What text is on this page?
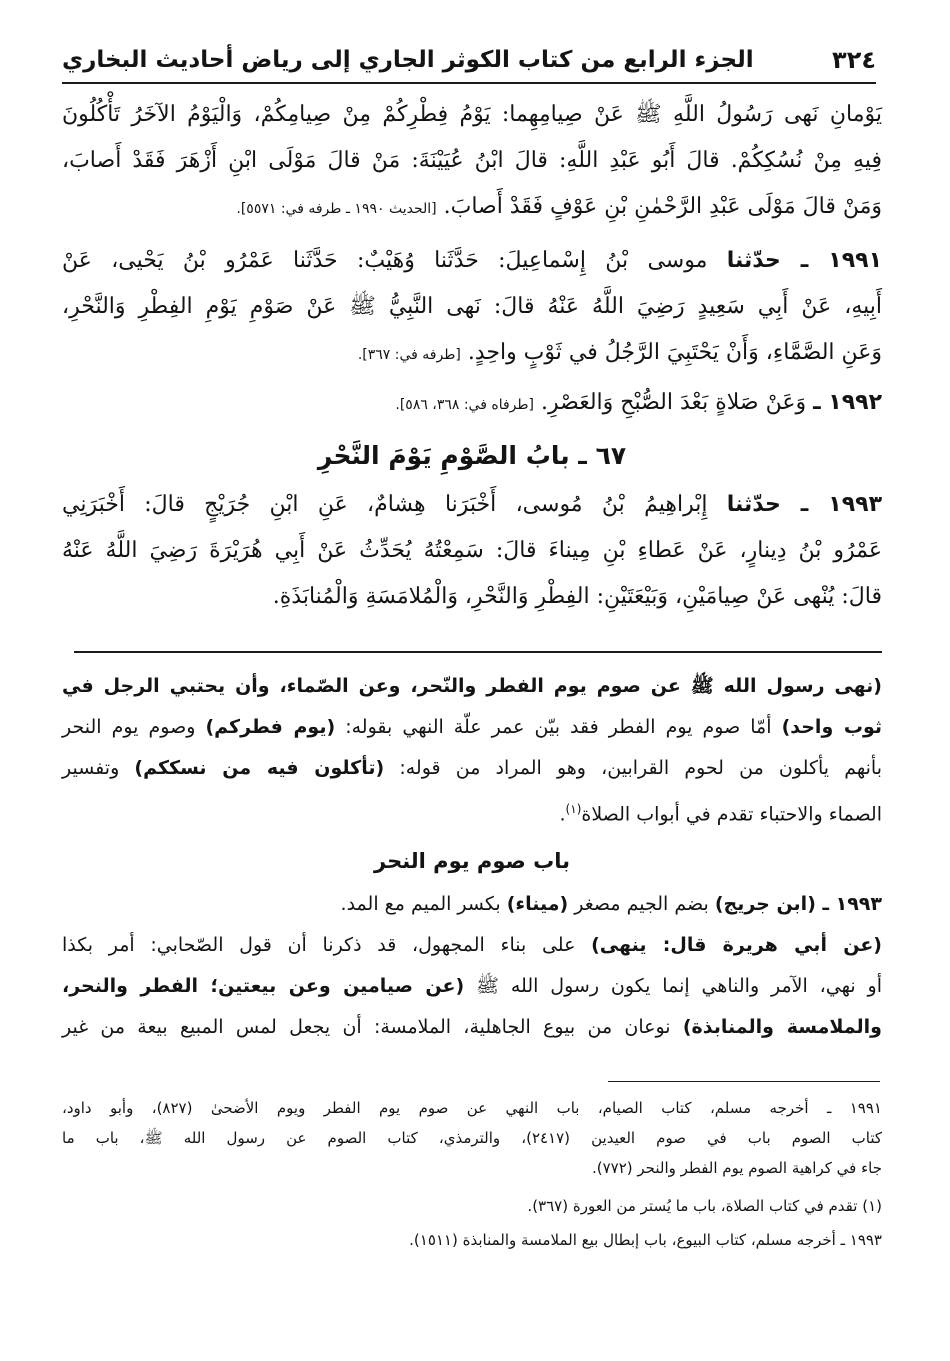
٣٢٤
الجزء الرابع من كتاب الكوثر الجاري إلى رياض أحاديث البخاري
يَوْمانِ نَهى رَسُولُ اللَّهِ ﷺ عَنْ صِيامِهِما: يَوْمُ فِطْرِكُمْ مِنْ صِيامِكُمْ، وَالْيَوْمُ الآخَرُ تَأْكُلُونَ
فِيهِ مِنْ نُسُكِكُمْ. قالَ أَبُو عَبْدِ اللَّهِ: قالَ ابْنُ عُيَيْنَةَ: مَنْ قالَ مَوْلَى ابْنِ أَزْهَرَ فَقَدْ أَصابَ،
وَمَنْ قالَ مَوْلَى عَبْدِ الرَّحْمٰنِ بْنِ عَوْفٍ فَقَدْ أَصابَ. [الحديث ١٩٩٠ ـ طرفه في: ٥٥٧١].
١٩٩١ ـ حدّثنا موسى بْنُ إِسْماعِيلَ: حَدَّثَنا وُهَيْبٌ: حَدَّثَنا عَمْرُو بْنُ يَحْيى، عَنْ
أَبِيهِ، عَنْ أَبِي سَعِيدٍ رَضِيَ اللَّهُ عَنْهُ قالَ: نَهى النَّبِيُّ ﷺ عَنْ صَوْمِ يَوْمِ الفِطْرِ وَالنَّحْرِ،
وَعَنِ الصَّمَّاءِ، وَأَنْ يَحْتَبِيَ الرَّجُلُ في ثَوْبٍ واحِدٍ. [طرفه في: ٣٦٧].
١٩٩٢ ـ وَعَنْ صَلاةٍ بَعْدَ الصُّبْحِ وَالعَصْرِ. [طرفاه في: ٣٦٨، ٥٨٦].
٦٧ ـ بابُ الصَّوْمِ يَوْمَ النَّحْرِ
١٩٩٣ ـ حدّثنا إِبْراهِيمُ بْنُ مُوسى، أَخْبَرَنا هِشامٌ، عَنِ ابْنِ جُرَيْجٍ قالَ: أَخْبَرَنِي
عَمْرُو بْنُ دِينارٍ، عَنْ عَطاءِ بْنِ مِيناءَ قالَ: سَمِعْتُهُ يُحَدِّثُ عَنْ أَبِي هُرَيْرَةَ رَضِيَ اللَّهُ عَنْهُ
قالَ: يُنْهى عَنْ صِيامَيْنِ، وَبَيْعَتَيْنِ: الفِطْرِ وَالنَّحْرِ، وَالْمُلامَسَةِ وَالْمُنابَذَةِ.
(نهى رسول الله ﷺ عن صوم يوم الفطر والنّحر، وعن الصّماء، وأن يحتبي الرجل في
ثوب واحد) أمّا صوم يوم الفطر فقد بيّن عمر علّة النهي بقوله: (يوم فطركم) وصوم يوم النحر
بأنهم يأكلون من لحوم القرابين، وهو المراد من قوله: (تأكلون فيه من نسككم) وتفسير
الصماء والاحتباء تقدم في أبواب الصلاة$^{(١)}$.
باب صوم يوم النحر
١٩٩٣ ـ (ابن جريج) بضم الجيم مصغر (ميناء) بكسر الميم مع المد.
(عن أبي هريرة قال: ينهى) على بناء المجهول، قد ذكرنا أن قول الصّحابي: أمر بكذا
أو نهي، الآمر والناهي إنما يكون رسول الله ﷺ (عن صيامين وعن بيعتين؛ الفطر والنحر،
والملامسة والمنابذة) نوعان من بيوع الجاهلية، الملامسة: أن يجعل لمس المبيع بيعة من غير
١٩٩١ ـ أخرجه مسلم، كتاب الصيام، باب النهي عن صوم يوم الفطر ويوم الأضحىٰ (٨٢٧)، وأبو داود،
كتاب الصوم باب في صوم العيدين (٢٤١٧)، والترمذي، كتاب الصوم عن رسول الله ﷺ، باب ما
جاء في كراهية الصوم يوم الفطر والنحر (٧٧٢).
(١) تقدم في كتاب الصلاة، باب ما يُستر من العورة (٣٦٧).
١٩٩٣ ـ أخرجه مسلم، كتاب البيوع، باب إبطال بيع الملامسة والمنابذة (١٥١١).
